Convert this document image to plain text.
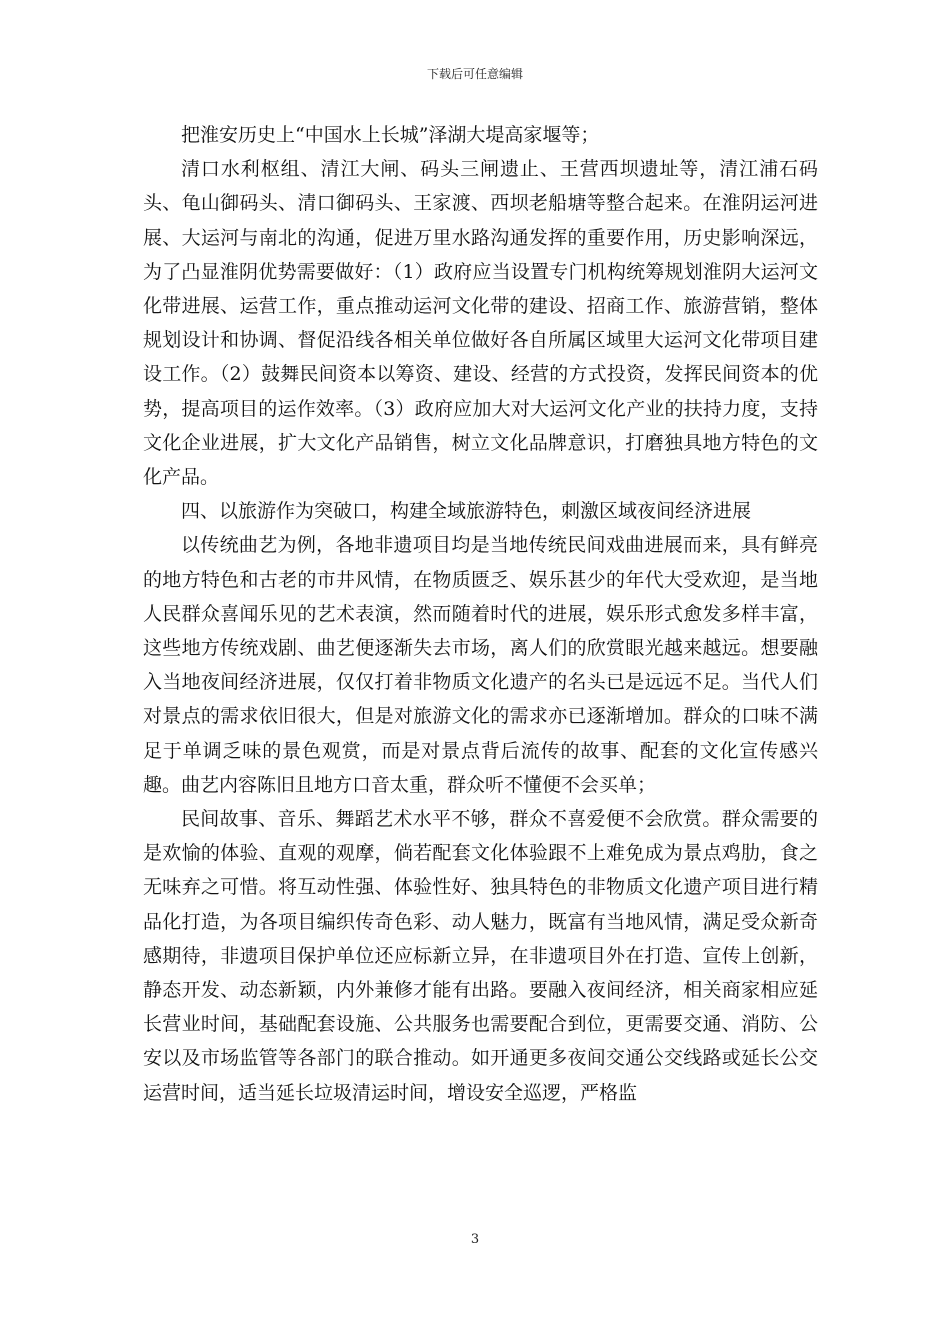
下载后可任意编辑

把淮安历史上“中国水上长城”泽湖大堤高家堰等；

清口水利枢组、清江大闸、码头三闸遗止、王营西坝遗址等，清江浦石码头、龟山御码头、清口御码头、王家渡、西坝老船塘等整合起来。在淮阴运河进展、大运河与南北的沟通，促进万里水路沟通发挥的重要作用，历史影响深远，为了凸显淮阴优势需要做好：（1）政府应当设置专门机构统筹规划淮阴大运河文化带进展、运营工作，重点推动运河文化带的建设、招商工作、旅游营销，整体规划设计和协调、督促沿线各相关单位做好各自所属区域里大运河文化带项目建设工作。（2）鼓舞民间资本以筹资、建设、经营的方式投资，发挥民间资本的优势，提高项目的运作效率。（3）政府应加大对大运河文化产业的扶持力度，支持文化企业进展，扩大文化产品销售，树立文化品牌意识，打磨独具地方特色的文化产品。

四、以旅游作为突破口，构建全域旅游特色，刺激区域夜间经济进展

以传统曲艺为例，各地非遗项目均是当地传统民间戏曲进展而来，具有鲜亮的地方特色和古老的市井风情，在物质匮乏、娱乐甚少的年代大受欢迎，是当地人民群众喜闻乐见的艺术表演，然而随着时代的进展，娱乐形式愈发多样丰富，这些地方传统戏剧、曲艺便逐渐失去市场，离人们的欣赏眼光越来越远。想要融入当地夜间经济进展，仅仅打着非物质文化遗产的名头已是远远不足。当代人们对景点的需求依旧很大，但是对旅游文化的需求亦已逐渐增加。群众的口味不满足于单调乏味的景色观赏，而是对景点背后流传的故事、配套的文化宣传感兴趣。曲艺内容陈旧且地方口音太重，群众听不懂便不会买单；

民间故事、音乐、舞蹈艺术水平不够，群众不喜爱便不会欣赏。群众需要的是欢愉的体验、直观的观摩，倘若配套文化体验跟不上难免成为景点鸡肋，食之无味弃之可惜。将互动性强、体验性好、独具特色的非物质文化遗产项目进行精品化打造，为各项目编织传奇色彩、动人魅力，既富有当地风情，满足受众新奇感期待，非遗项目保护单位还应标新立异，在非遗项目外在打造、宣传上创新，静态开发、动态新颖，内外兼修才能有出路。要融入夜间经济，相关商家相应延长营业时间，基础配套设施、公共服务也需要配合到位，更需要交通、消防、公安以及市场监管等各部门的联合推动。如开通更多夜间交通公交线路或延长公交运营时间，适当延长垃圾清运时间，增设安全巡逻，严格监

3
